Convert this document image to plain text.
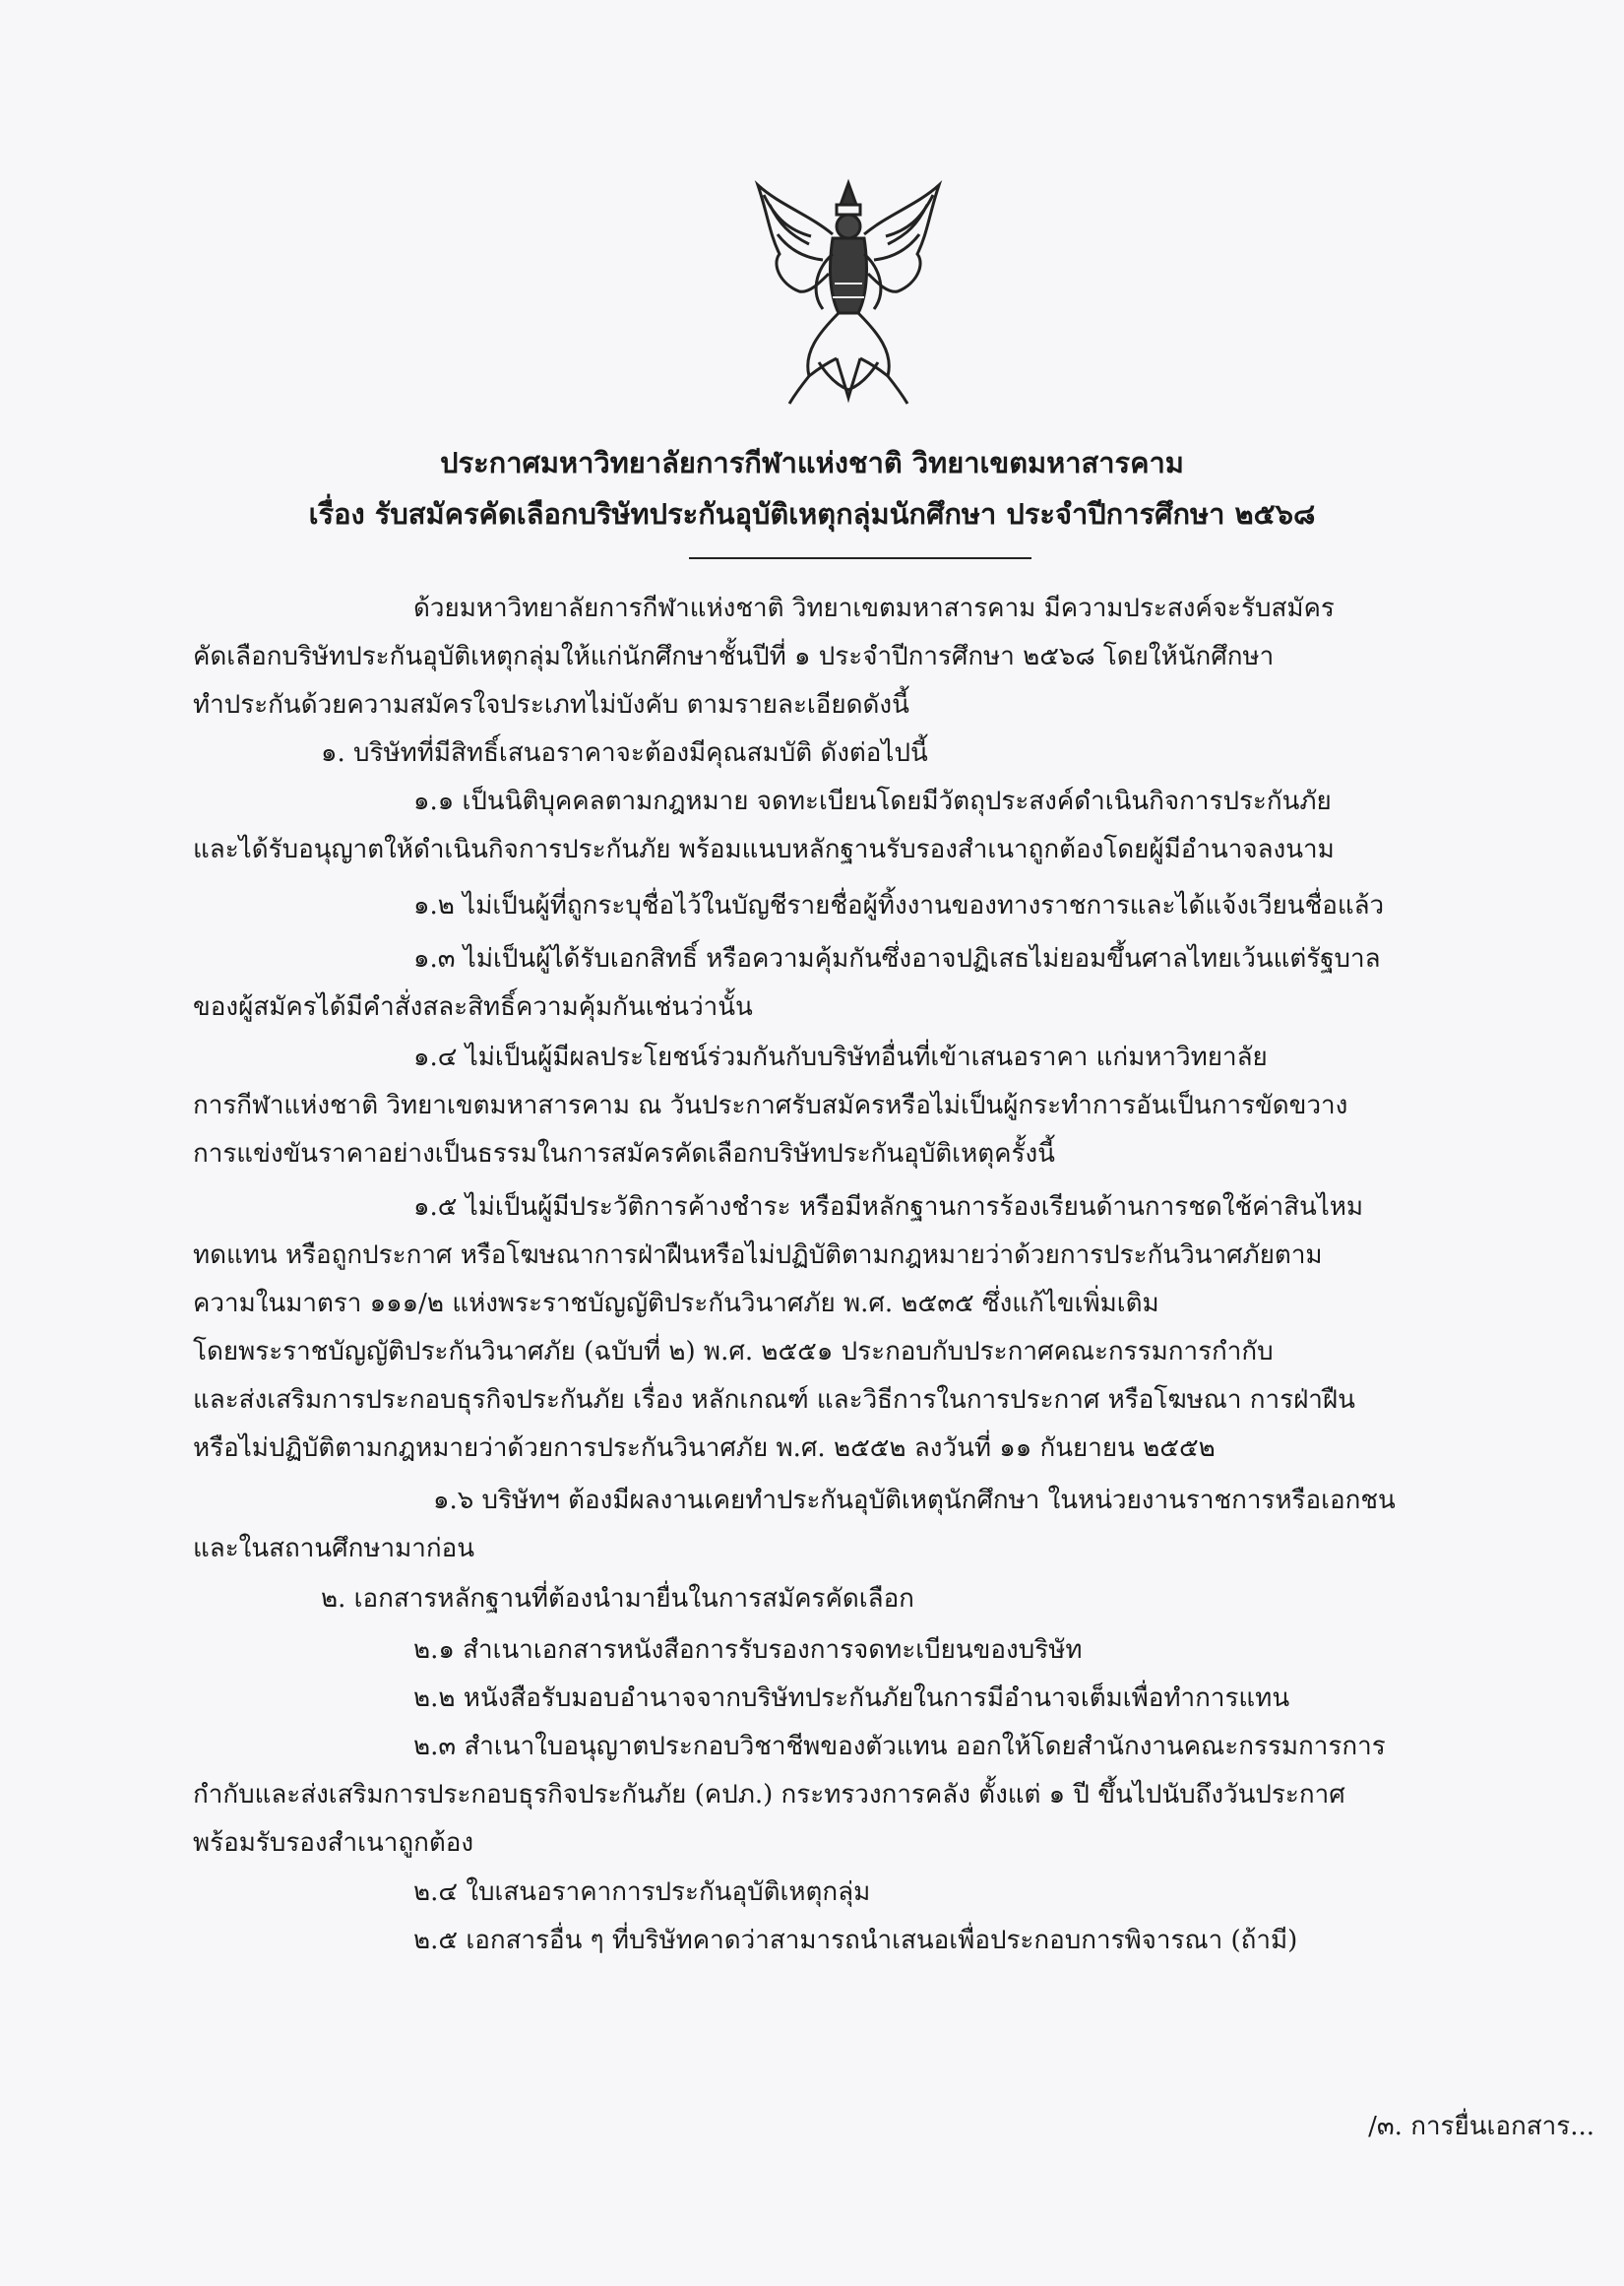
ประกาศมหาวิทยาลัยการกีฬาแห่งชาติ วิทยาเขตมหาสารคาม
เรื่อง รับสมัครคัดเลือกบริษัทประกันอุบัติเหตุกลุ่มนักศึกษา ประจำปีการศึกษา ๒๕๖๘
ด้วยมหาวิทยาลัยการกีฬาแห่งชาติ วิทยาเขตมหาสารคาม มีความประสงค์จะรับสมัคร
คัดเลือกบริษัทประกันอุบัติเหตุกลุ่มให้แก่นักศึกษาชั้นปีที่ ๑ ประจำปีการศึกษา ๒๕๖๘ โดยให้นักศึกษา
ทำประกันด้วยความสมัครใจประเภทไม่บังคับ ตามรายละเอียดดังนี้
๑. บริษัทที่มีสิทธิ์เสนอราคาจะต้องมีคุณสมบัติ ดังต่อไปนี้
๑.๑ เป็นนิติบุคคลตามกฎหมาย จดทะเบียนโดยมีวัตถุประสงค์ดำเนินกิจการประกันภัย
และได้รับอนุญาตให้ดำเนินกิจการประกันภัย พร้อมแนบหลักฐานรับรองสำเนาถูกต้องโดยผู้มีอำนาจลงนาม
๑.๒ ไม่เป็นผู้ที่ถูกระบุชื่อไว้ในบัญชีรายชื่อผู้ทิ้งงานของทางราชการและได้แจ้งเวียนชื่อแล้ว
๑.๓ ไม่เป็นผู้ได้รับเอกสิทธิ์ หรือความคุ้มกันซึ่งอาจปฏิเสธไม่ยอมขึ้นศาลไทยเว้นแต่รัฐบาล
ของผู้สมัครได้มีคำสั่งสละสิทธิ์ความคุ้มกันเช่นว่านั้น
๑.๔ ไม่เป็นผู้มีผลประโยชน์ร่วมกันกับบริษัทอื่นที่เข้าเสนอราคา แก่มหาวิทยาลัย
การกีฬาแห่งชาติ วิทยาเขตมหาสารคาม ณ วันประกาศรับสมัครหรือไม่เป็นผู้กระทำการอันเป็นการขัดขวาง
การแข่งขันราคาอย่างเป็นธรรมในการสมัครคัดเลือกบริษัทประกันอุบัติเหตุครั้งนี้
๑.๕ ไม่เป็นผู้มีประวัติการค้างชำระ หรือมีหลักฐานการร้องเรียนด้านการชดใช้ค่าสินไหม
ทดแทน หรือถูกประกาศ หรือโฆษณาการฝ่าฝืนหรือไม่ปฏิบัติตามกฎหมายว่าด้วยการประกันวินาศภัยตาม
ความในมาตรา ๑๑๑/๒ แห่งพระราชบัญญัติประกันวินาศภัย พ.ศ. ๒๕๓๕ ซึ่งแก้ไขเพิ่มเติม
โดยพระราชบัญญัติประกันวินาศภัย (ฉบับที่ ๒) พ.ศ. ๒๕๕๑ ประกอบกับประกาศคณะกรรมการกำกับ
และส่งเสริมการประกอบธุรกิจประกันภัย เรื่อง หลักเกณฑ์ และวิธีการในการประกาศ หรือโฆษณา การฝ่าฝืน
หรือไม่ปฏิบัติตามกฎหมายว่าด้วยการประกันวินาศภัย พ.ศ. ๒๕๕๒ ลงวันที่ ๑๑ กันยายน ๒๕๕๒
๑.๖ บริษัทฯ ต้องมีผลงานเคยทำประกันอุบัติเหตุนักศึกษา ในหน่วยงานราชการหรือเอกชน
และในสถานศึกษามาก่อน
๒. เอกสารหลักฐานที่ต้องนำมายื่นในการสมัครคัดเลือก
๒.๑ สำเนาเอกสารหนังสือการรับรองการจดทะเบียนของบริษัท
๒.๒ หนังสือรับมอบอำนาจจากบริษัทประกันภัยในการมีอำนาจเต็มเพื่อทำการแทน
๒.๓ สำเนาใบอนุญาตประกอบวิชาชีพของตัวแทน ออกให้โดยสำนักงานคณะกรรมการการ
กำกับและส่งเสริมการประกอบธุรกิจประกันภัย (คปภ.) กระทรวงการคลัง ตั้งแต่ ๑ ปี ขึ้นไปนับถึงวันประกาศ
พร้อมรับรองสำเนาถูกต้อง
๒.๔ ใบเสนอราคาการประกันอุบัติเหตุกลุ่ม
๒.๕ เอกสารอื่น ๆ ที่บริษัทคาดว่าสามารถนำเสนอเพื่อประกอบการพิจารณา (ถ้ามี)
/๓. การยื่นเอกสาร...
